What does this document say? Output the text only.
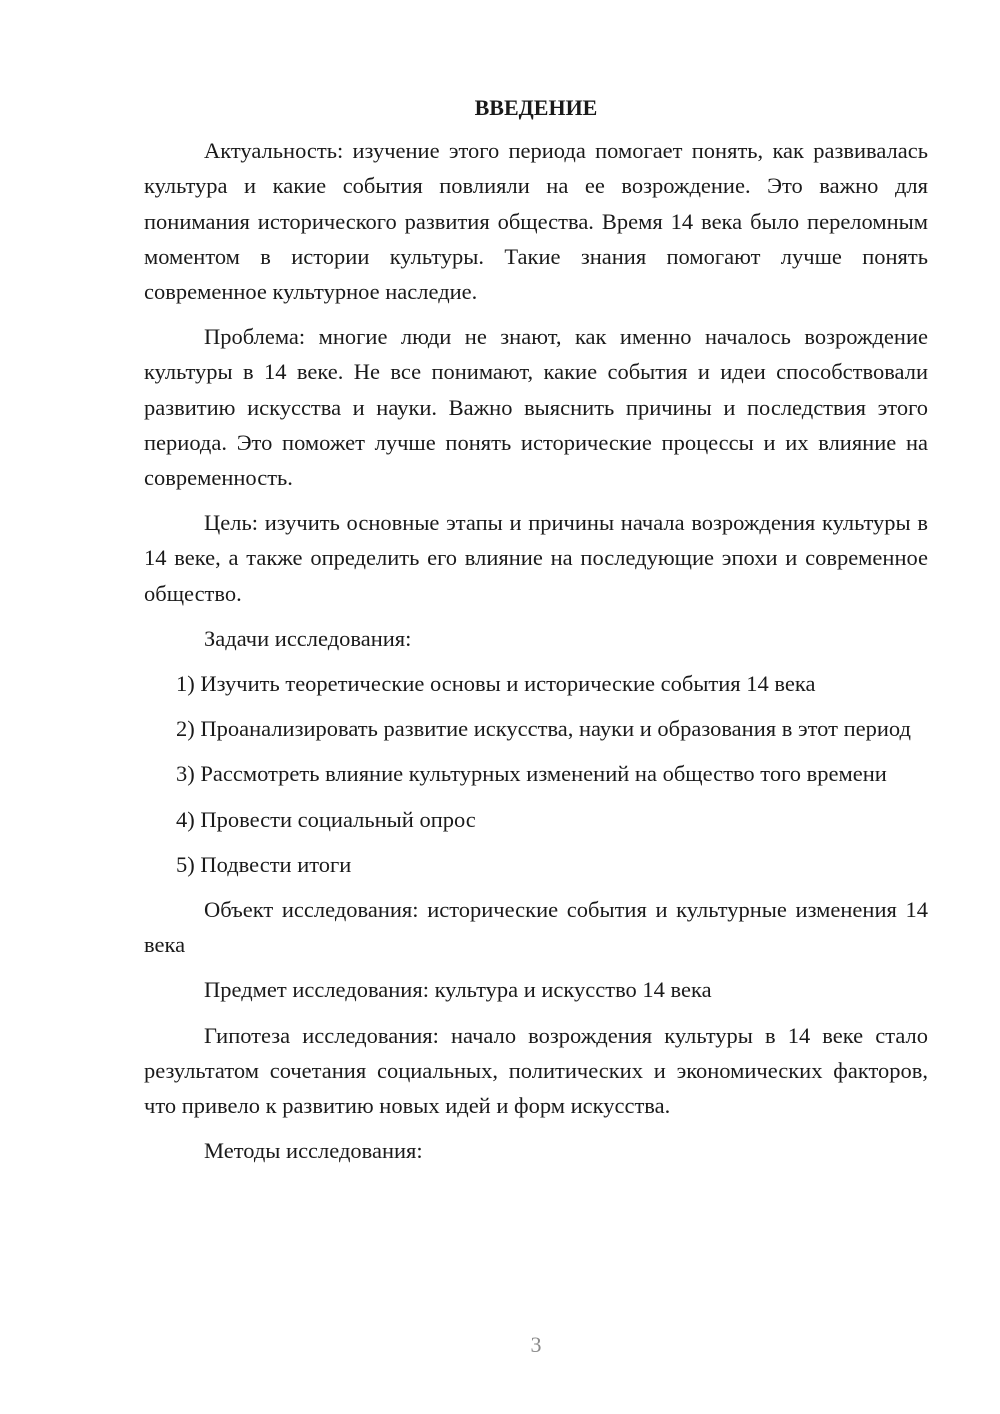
ВВЕДЕНИЕ

Актуальность: изучение этого периода помогает понять, как развивалась культура и какие события повлияли на ее возрождение. Это важно для понимания исторического развития общества. Время 14 века было переломным моментом в истории культуры. Такие знания помогают лучше понять современное культурное наследие.

Проблема: многие люди не знают, как именно началось возрождение культуры в 14 веке. Не все понимают, какие события и идеи способствовали развитию искусства и науки. Важно выяснить причины и последствия этого периода. Это поможет лучше понять исторические процессы и их влияние на современность.

Цель: изучить основные этапы и причины начала возрождения культуры в 14 веке, а также определить его влияние на последующие эпохи и современное общество.

Задачи исследования:

1) Изучить теоретические основы и исторические события 14 века

2) Проанализировать развитие искусства, науки и образования в этот период

3) Рассмотреть влияние культурных изменений на общество того времени

4) Провести социальный опрос

5) Подвести итоги

Объект исследования: исторические события и культурные изменения 14 века

Предмет исследования: культура и искусство 14 века

Гипотеза исследования: начало возрождения культуры в 14 веке стало результатом сочетания социальных, политических и экономических факторов, что привело к развитию новых идей и форм искусства.

Методы исследования:

3
